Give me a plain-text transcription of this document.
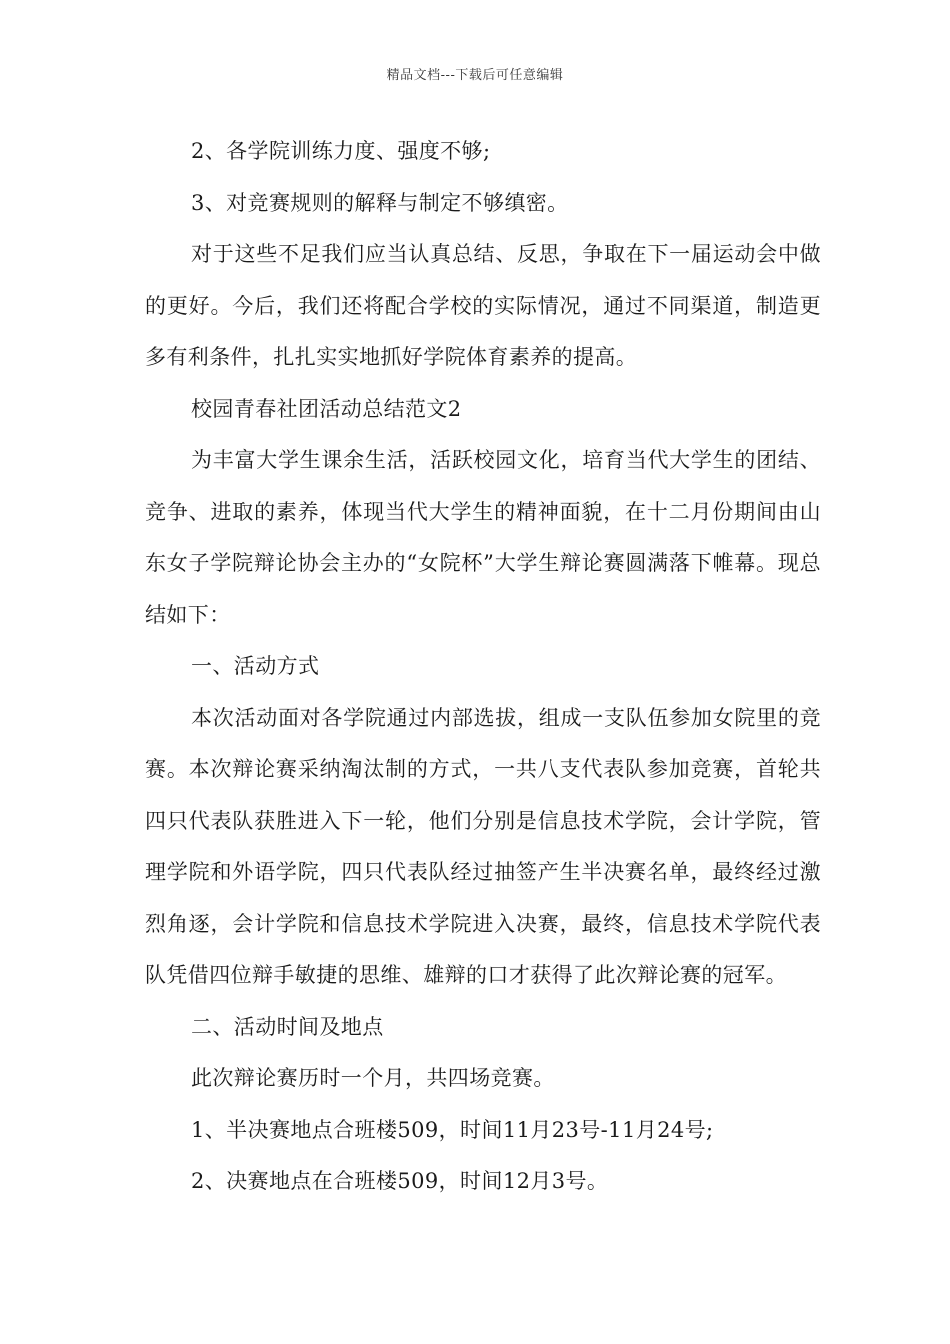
精品文档---下载后可任意编辑

2、各学院训练力度、强度不够;

3、对竞赛规则的解释与制定不够缜密。

对于这些不足我们应当认真总结、反思，争取在下一届运动会中做的更好。今后，我们还将配合学校的实际情况，通过不同渠道，制造更多有利条件，扎扎实实地抓好学院体育素养的提高。

校园青春社团活动总结范文2

为丰富大学生课余生活，活跃校园文化，培育当代大学生的团结、竞争、进取的素养，体现当代大学生的精神面貌，在十二月份期间由山东女子学院辩论协会主办的“女院杯”大学生辩论赛圆满落下帷幕。现总结如下：

一、活动方式

本次活动面对各学院通过内部选拔，组成一支队伍参加女院里的竞赛。本次辩论赛采纳淘汰制的方式，一共八支代表队参加竞赛，首轮共四只代表队获胜进入下一轮，他们分别是信息技术学院，会计学院，管理学院和外语学院，四只代表队经过抽签产生半决赛名单，最终经过激烈角逐，会计学院和信息技术学院进入决赛，最终，信息技术学院代表队凭借四位辩手敏捷的思维、雄辩的口才获得了此次辩论赛的冠军。

二、活动时间及地点

此次辩论赛历时一个月，共四场竞赛。

1、半决赛地点合班楼509，时间11月23号-11月24号;

2、决赛地点在合班楼509，时间12月3号。
